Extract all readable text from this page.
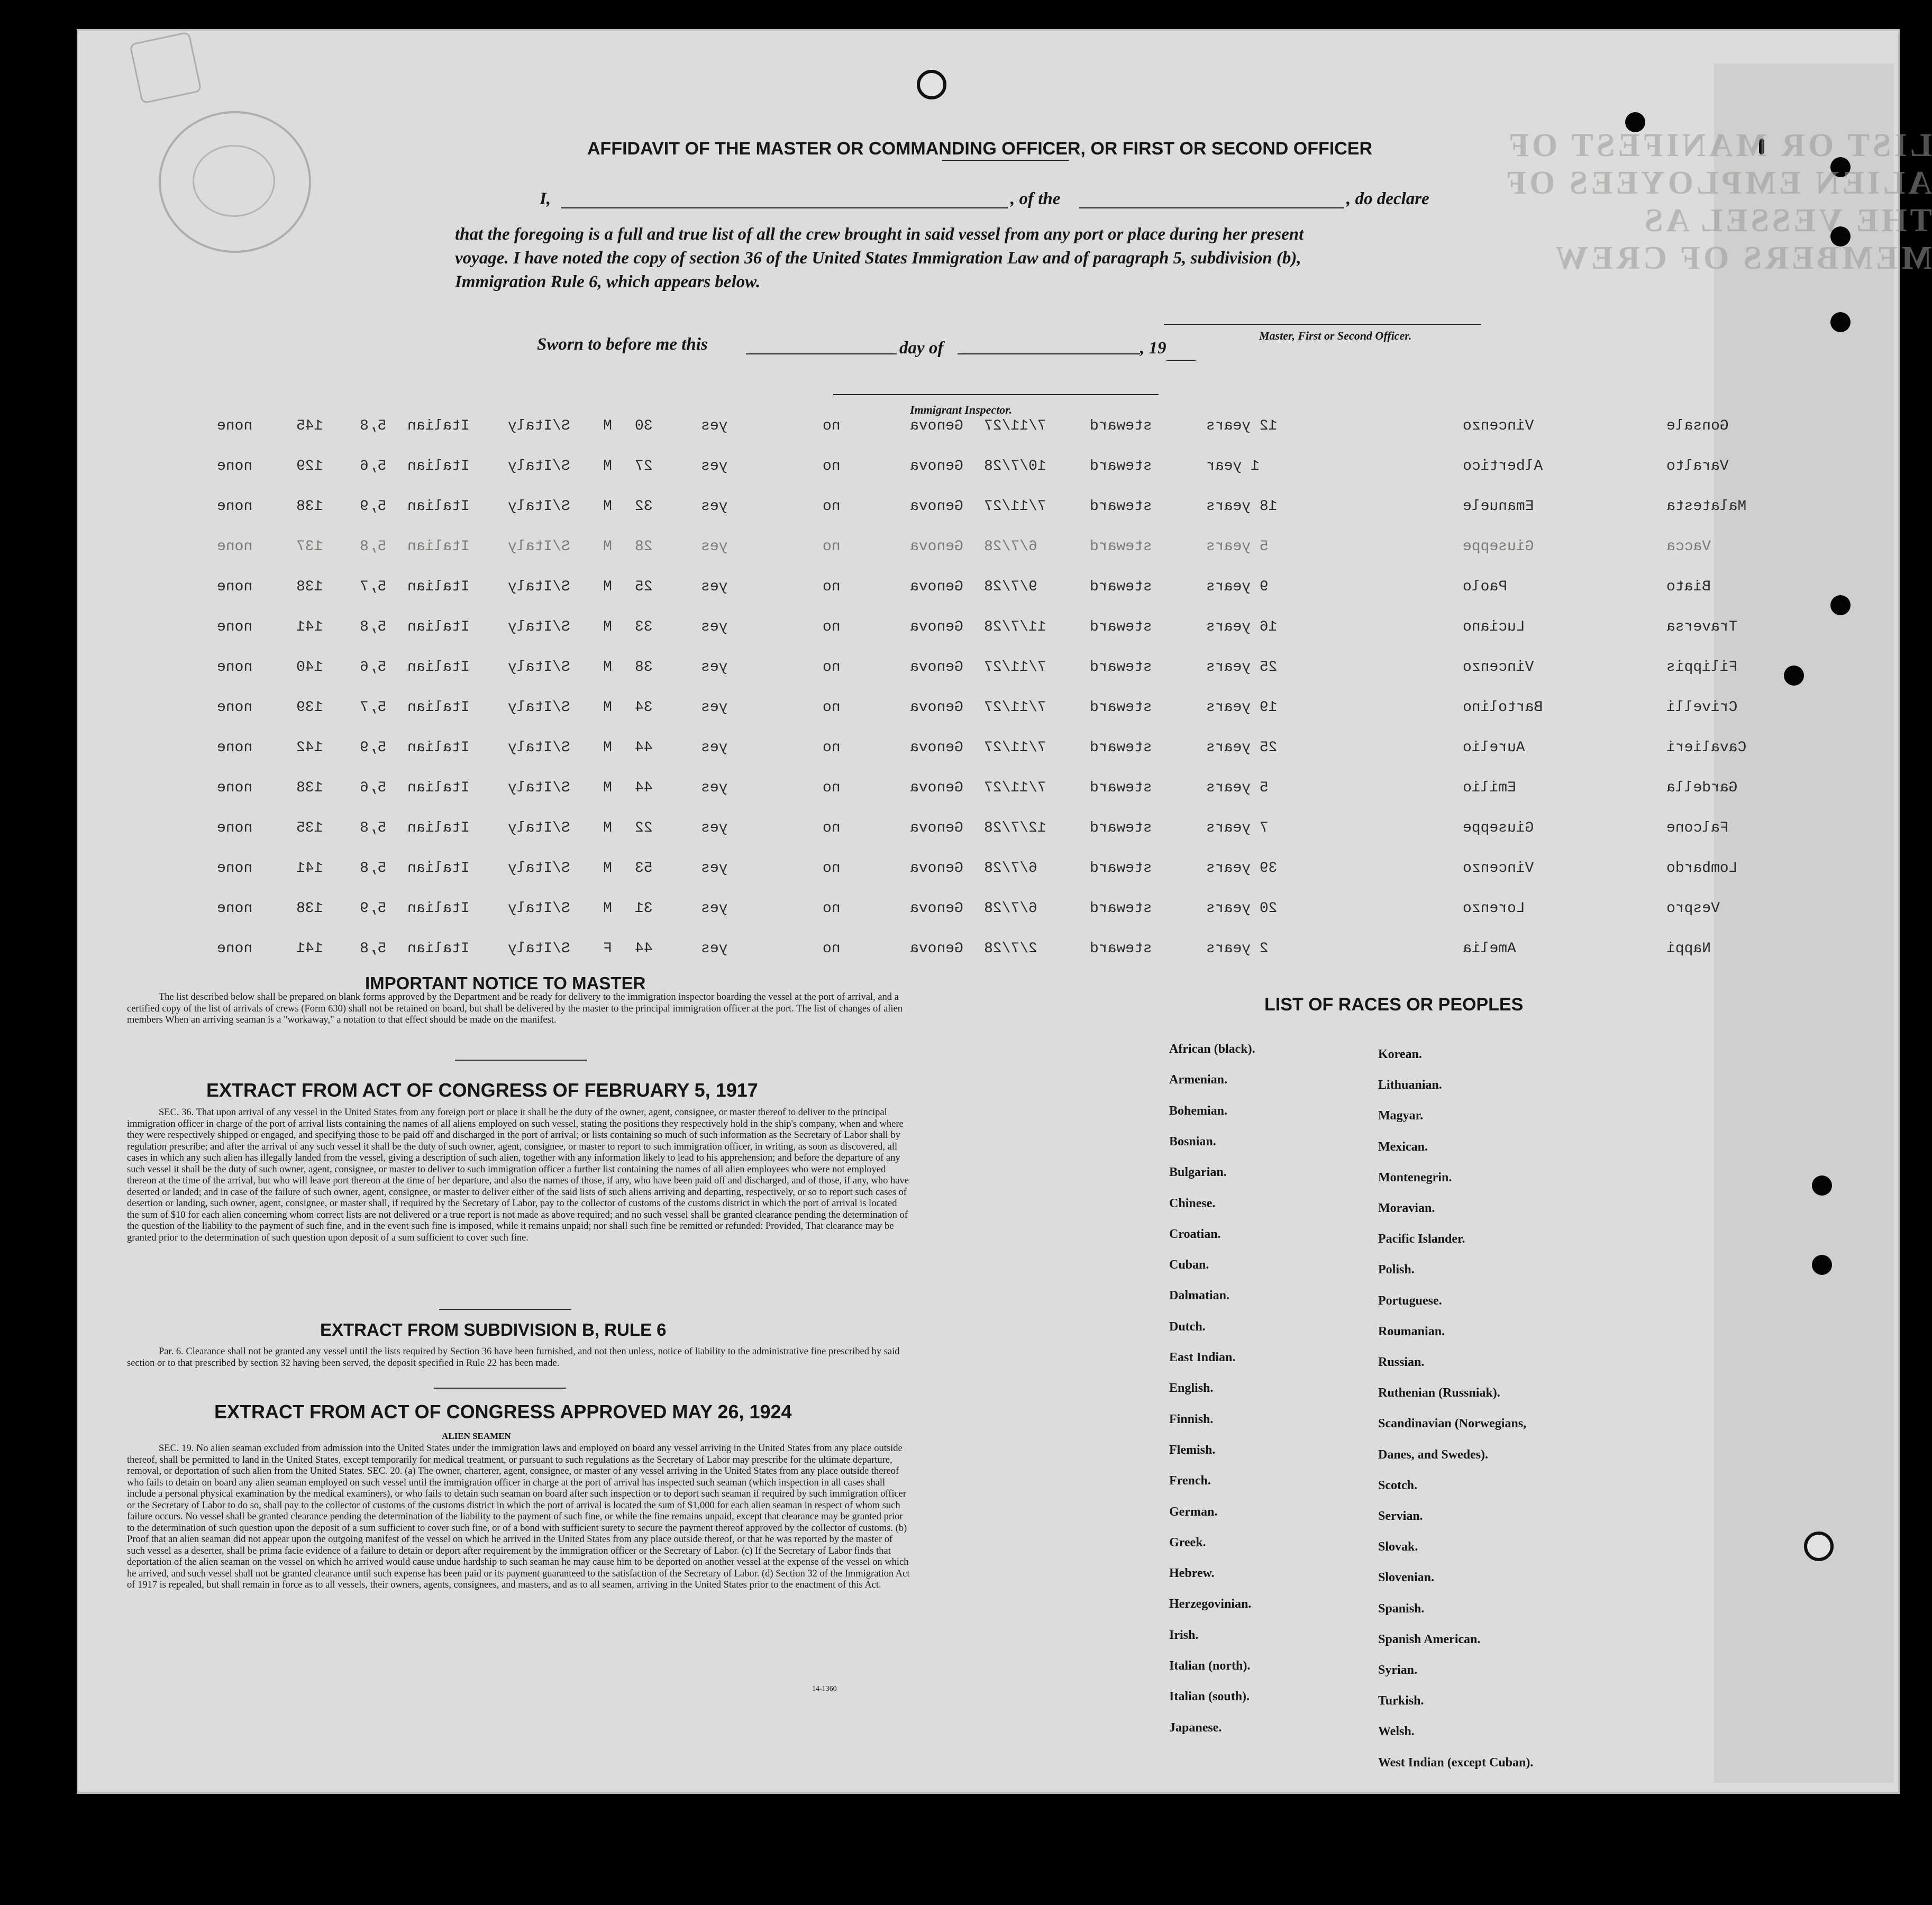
LIST OR MANIFEST OF ALIEN EMPLOYEES OF THE VESSEL AS MEMBERS OF CREW
AFFIDAVIT OF THE MASTER OR COMMANDING OFFICER, OR FIRST OR SECOND OFFICER
I,	, of the	, do declare
that the foregoing is a full and true list of all the crew brought in said vessel from any port or place during her present
voyage. I have noted the copy of section 36 of the United States Immigration Law and of paragraph 5, subdivision (b),
Immigration Rule 6, which appears below.
Master, First or Second Officer.
Sworn to before me this	day of	, 19
Immigrant Inspector.
none	145 5,8 Italian	S/Italy M 30	yes	no	Genova 7/11/27	steward	12 years	Vincenzo	Gonsale
none	129 5,6 Italian	S/Italy M 27	yes	no	Genova 10/7/28	steward	1 year	Albertico	Varalto
none	138 5,9 Italian	S/Italy M 32	yes	no	Genova 7/11/27	steward	18 years	Emanuele	Malatesta
none	137 5,8 Italian	S/Italy M 28	yes	no	Genova 6/7/28	steward	5 years	Giuseppe	Vacca
none	138 5,7 Italian	S/Italy M 25	yes	no	Genova 9/7/28	steward	9 years	Paolo	Biato
none	141 5,8 Italian	S/Italy M 33	yes	no	Genova 11/7/28	steward	16 years	Luciano	Traversa
none	140 5,6 Italian	S/Italy M 38	yes	no	Genova 7/11/27	steward	25 years	Vincenzo	Filippis
none	139 5,7 Italian	S/Italy M 34	yes	no	Genova 7/11/27	steward	19 years	Bartolino	Crivelli
none	142 5,9 Italian	S/Italy M 44	yes	no	Genova 7/11/27	steward	25 years	Aurelio	Cavalieri
none	138 5,6 Italian	S/Italy M 44	yes	no	Genova 7/11/27	steward	5 years	Emilio	Gardella
none	135 5,8 Italian	S/Italy M 22	yes	no	Genova 12/7/28	steward	7 years	Giuseppe	Falcone
none	141 5,8 Italian	S/Italy M 53	yes	no	Genova 6/7/28	steward	39 years	Vincenzo	Lombardo
none	138 5,9 Italian	S/Italy M 31	yes	no	Genova 6/7/28	steward	20 years	Lorenzo	Vespro
none	141 5,8 Italian	S/Italy F 44	yes	no	Genova 2/7/28	steward	2 years	Amelia	Nappi
IMPORTANT NOTICE TO MASTER
The list described below shall be prepared on blank forms approved by the Department and be ready for delivery to the immigration inspector boarding the vessel at the port of arrival, and a certified copy of the list of arrivals of crews (Form 630) shall not be retained on board, but shall be delivered by the master to the principal immigration officer at the port. The list of changes of alien members When an arriving seaman is a "workaway," a notation to that effect should be made on the manifest.
EXTRACT FROM ACT OF CONGRESS OF FEBRUARY 5, 1917
SEC. 36. That upon arrival of any vessel in the United States from any foreign port or place it shall be the duty of the owner, agent, consignee, or master thereof to deliver to the principal immigration officer in charge of the port of arrival lists containing the names of all aliens employed on such vessel, stating the positions they respectively hold in the ship's company, when and where they were respectively shipped or engaged, and specifying those to be paid off and discharged in the port of arrival; or lists containing so much of such information as the Secretary of Labor shall by regulation prescribe; and after the arrival of any such vessel it shall be the duty of such owner, agent, consignee, or master to report to such immigration officer, in writing, as soon as discovered, all cases in which any such alien has illegally landed from the vessel, giving a description of such alien, together with any information likely to lead to his apprehension; and before the departure of any such vessel it shall be the duty of such owner, agent, consignee, or master to deliver to such immigration officer a further list containing the names of all alien employees who were not employed thereon at the time of the arrival, but who will leave port thereon at the time of her departure, and also the names of those, if any, who have been paid off and discharged, and of those, if any, who have deserted or landed; and in case of the failure of such owner, agent, consignee, or master to deliver either of the said lists of such aliens arriving and departing, respectively, or so to report such cases of desertion or landing, such owner, agent, consignee, or master shall, if required by the Secretary of Labor, pay to the collector of customs of the customs district in which the port of arrival is located the sum of $10 for each alien concerning whom correct lists are not delivered or a true report is not made as above required; and no such vessel shall be granted clearance pending the determination of the question of the liability to the payment of such fine, and in the event such fine is imposed, while it remains unpaid; nor shall such fine be remitted or refunded: Provided, That clearance may be granted prior to the determination of such question upon deposit of a sum sufficient to cover such fine.
EXTRACT FROM SUBDIVISION B, RULE 6
Par. 6. Clearance shall not be granted any vessel until the lists required by Section 36 have been furnished, and not then unless, notice of liability to the administrative fine prescribed by said section or to that prescribed by section 32 having been served, the deposit specified in Rule 22 has been made.
EXTRACT FROM ACT OF CONGRESS APPROVED MAY 26, 1924
ALIEN SEAMEN
SEC. 19. No alien seaman excluded from admission into the United States under the immigration laws and employed on board any vessel arriving in the United States from any place outside thereof, shall be permitted to land in the United States, except temporarily for medical treatment, or pursuant to such regulations as the Secretary of Labor may prescribe for the ultimate departure, removal, or deportation of such alien from the United States. SEC. 20. (a) The owner, charterer, agent, consignee, or master of any vessel arriving in the United States from any place outside thereof who fails to detain on board any alien seaman employed on such vessel until the immigration officer in charge at the port of arrival has inspected such seaman (which inspection in all cases shall include a personal physical examination by the medical examiners), or who fails to detain such seaman on board after such inspection or to deport such seaman if required by such immigration officer or the Secretary of Labor to do so, shall pay to the collector of customs of the customs district in which the port of arrival is located the sum of $1,000 for each alien seaman in respect of whom such failure occurs. No vessel shall be granted clearance pending the determination of the liability to the payment of such fine, or while the fine remains unpaid, except that clearance may be granted prior to the determination of such question upon the deposit of a sum sufficient to cover such fine, or of a bond with sufficient surety to secure the payment thereof approved by the collector of customs. (b) Proof that an alien seaman did not appear upon the outgoing manifest of the vessel on which he arrived in the United States from any place outside thereof, or that he was reported by the master of such vessel as a deserter, shall be prima facie evidence of a failure to detain or deport after requirement by the immigration officer or the Secretary of Labor. (c) If the Secretary of Labor finds that deportation of the alien seaman on the vessel on which he arrived would cause undue hardship to such seaman he may cause him to be deported on another vessel at the expense of the vessel on which he arrived, and such vessel shall not be granted clearance until such expense has been paid or its payment guaranteed to the satisfaction of the Secretary of Labor. (d) Section 32 of the Immigration Act of 1917 is repealed, but shall remain in force as to all vessels, their owners, agents, consignees, and masters, and as to all seamen, arriving in the United States prior to the enactment of this Act.
14-1360
LIST OF RACES OR PEOPLES
African (black).
Armenian.
Bohemian.
Bosnian.
Bulgarian.
Chinese.
Croatian.
Cuban.
Dalmatian.
Dutch.
East Indian.
English.
Finnish.
Flemish.
French.
German.
Greek.
Hebrew.
Herzegovinian.
Irish.
Italian (north).
Italian (south).
Japanese.
Korean.
Lithuanian.
Magyar.
Mexican.
Montenegrin.
Moravian.
Pacific Islander.
Polish.
Portuguese.
Roumanian.
Russian.
Ruthenian (Russniak).
Scandinavian (Norwegians,
Danes, and Swedes).
Scotch.
Servian.
Slovak.
Slovenian.
Spanish.
Spanish American.
Syrian.
Turkish.
Welsh.
West Indian (except Cuban).
